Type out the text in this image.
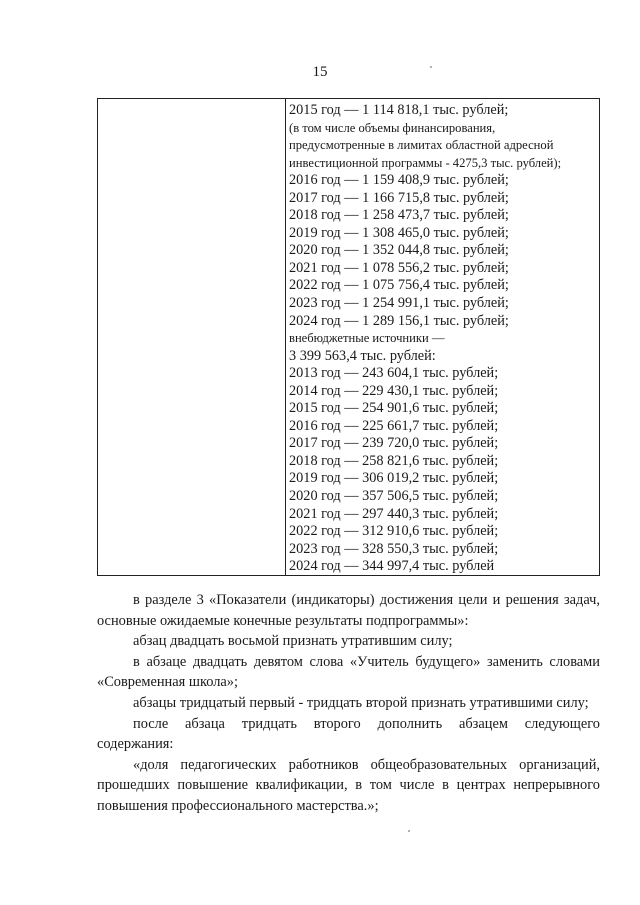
15
2015 год — 1 114 818,1 тыс. рублей;
(в том числе объемы финансирования,
предусмотренные в лимитах областной адресной
инвестиционной программы - 4275,3 тыс. рублей);
2016 год — 1 159 408,9 тыс. рублей;
2017 год — 1 166 715,8 тыс. рублей;
2018 год — 1 258 473,7 тыс. рублей;
2019 год — 1 308 465,0 тыс. рублей;
2020 год — 1 352 044,8 тыс. рублей;
2021 год — 1 078 556,2 тыс. рублей;
2022 год — 1 075 756,4 тыс. рублей;
2023 год — 1 254 991,1 тыс. рублей;
2024 год — 1 289 156,1 тыс. рублей;
внебюджетные источники —
3 399 563,4 тыс. рублей:
2013 год — 243 604,1 тыс. рублей;
2014 год — 229 430,1 тыс. рублей;
2015 год — 254 901,6 тыс. рублей;
2016 год — 225 661,7 тыс. рублей;
2017 год — 239 720,0 тыс. рублей;
2018 год — 258 821,6 тыс. рублей;
2019 год — 306 019,2 тыс. рублей;
2020 год — 357 506,5 тыс. рублей;
2021 год — 297 440,3 тыс. рублей;
2022 год — 312 910,6 тыс. рублей;
2023 год — 328 550,3 тыс. рублей;
2024 год — 344 997,4 тыс. рублей

в разделе 3 «Показатели (индикаторы) достижения цели и решения задач, основные ожидаемые конечные результаты подпрограммы»:

абзац двадцать восьмой признать утратившим силу;

в абзаце двадцать девятом слова «Учитель будущего» заменить словами «Современная школа»;

абзацы тридцатый первый - тридцать второй признать утратившими силу;

после абзаца тридцать второго дополнить абзацем следующего содержания:

«доля педагогических работников общеобразовательных организаций, прошедших повышение квалификации, в том числе в центрах непрерывного повышения профессионального мастерства.»;
